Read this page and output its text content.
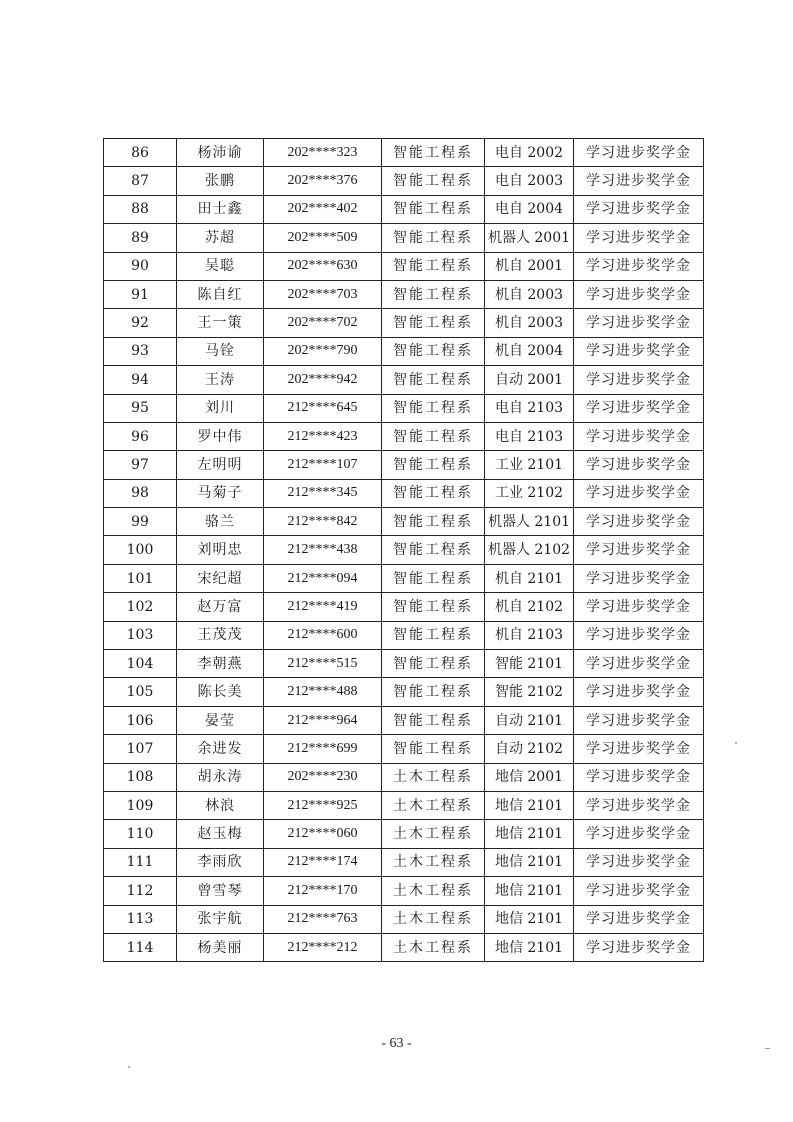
86	杨沛谕	202****323	智能工程系	电自 2002	学习进步奖学金
87	张鹏	202****376	智能工程系	电自 2003	学习进步奖学金
88	田士鑫	202****402	智能工程系	电自 2004	学习进步奖学金
89	苏超	202****509	智能工程系	机器人 2001	学习进步奖学金
90	吴聪	202****630	智能工程系	机自 2001	学习进步奖学金
91	陈自红	202****703	智能工程系	机自 2003	学习进步奖学金
92	王一策	202****702	智能工程系	机自 2003	学习进步奖学金
93	马铨	202****790	智能工程系	机自 2004	学习进步奖学金
94	王涛	202****942	智能工程系	自动 2001	学习进步奖学金
95	刘川	212****645	智能工程系	电自 2103	学习进步奖学金
96	罗中伟	212****423	智能工程系	电自 2103	学习进步奖学金
97	左明明	212****107	智能工程系	工业 2101	学习进步奖学金
98	马菊子	212****345	智能工程系	工业 2102	学习进步奖学金
99	骆兰	212****842	智能工程系	机器人 2101	学习进步奖学金
100	刘明忠	212****438	智能工程系	机器人 2102	学习进步奖学金
101	宋纪超	212****094	智能工程系	机自 2101	学习进步奖学金
102	赵万富	212****419	智能工程系	机自 2102	学习进步奖学金
103	王茂茂	212****600	智能工程系	机自 2103	学习进步奖学金
104	李朝燕	212****515	智能工程系	智能 2101	学习进步奖学金
105	陈长美	212****488	智能工程系	智能 2102	学习进步奖学金
106	晏莹	212****964	智能工程系	自动 2101	学习进步奖学金
107	余进发	212****699	智能工程系	自动 2102	学习进步奖学金
108	胡永涛	202****230	土木工程系	地信 2001	学习进步奖学金
109	林浪	212****925	土木工程系	地信 2101	学习进步奖学金
110	赵玉梅	212****060	土木工程系	地信 2101	学习进步奖学金
111	李雨欣	212****174	土木工程系	地信 2101	学习进步奖学金
112	曾雪琴	212****170	土木工程系	地信 2101	学习进步奖学金
113	张宇航	212****763	土木工程系	地信 2101	学习进步奖学金
114	杨美丽	212****212	土木工程系	地信 2101	学习进步奖学金
- 63 -
